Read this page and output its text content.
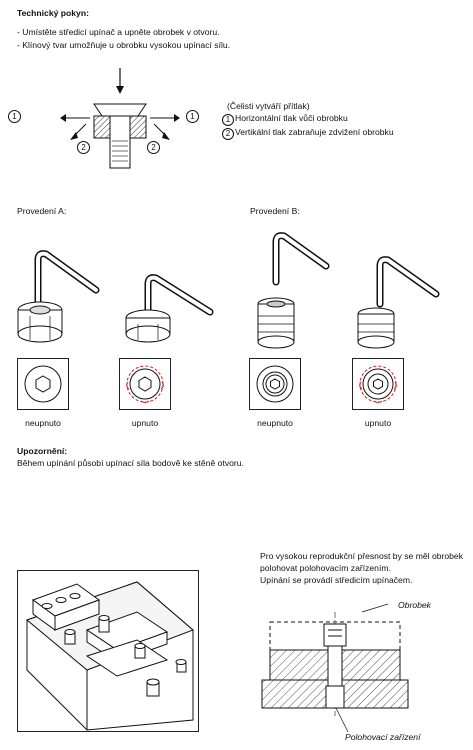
Technický pokyn:
- Umístěte středicí upínač a upněte obrobek v otvoru.
- Klínový tvar umožňuje u obrobku vysokou upínací sílu.
1	1
2	2
(Čelisti vytváří přítlak)
1 Horizontální tlak vůči obrobku
2 Vertikální tlak zabraňuje zdvižení obrobku
Provedení A:	Provedení B:
neupnuto	upnuto	neupnuto	upnuto
Upozornění:
Během upínání působí upínací síla bodově ke stěně otvoru.
Pro vysokou reprodukční přesnost by se měl obrobek
polohovat polohovacím zařízením.
Upínání se provádí středicím upínačem.
Obrobek
Polohovací zařízení
